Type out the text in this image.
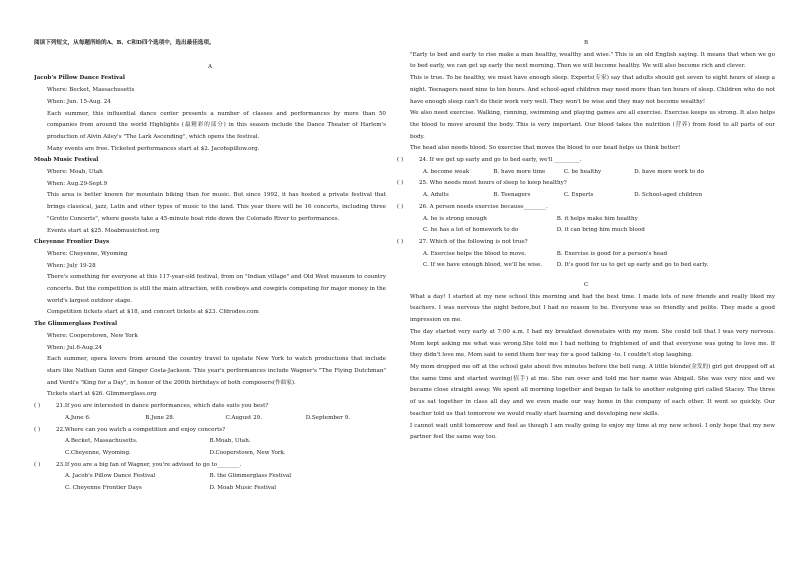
阅读下列短文，从每题所给的A、B、C和D四个选项中，选出最佳选项。

A

Jacob’s Pillow Dance Festival

Where: Becket, Massachusetts

When: Jun. 15-Aug. 24

Each summer, this influential dance center presents a number of classes and performances by more than 50 companies from around the world Highlights (最精彩的部分) in this season include the Dance Theater of Harlem's production of Alvin Ailey's "The Lark Ascending", which opens the festival.

Many events are free. Ticketed performances start at $2. Jacobspillow.org.

Moab Music Festival

Where: Moab, Utah

When: Aug.29-Sept.9

This area is better known for mountain biking than for music. But since 1992, it has hosted a private festival that brings classical, jazz, Latin and other types of music to the land. This year there will be 16 concerts, including three "Grotto Concerts", where guests take a 45-minute boat ride down the Colorado River to performances.

Events start at $25. Moabmusicfest.org

Cheyenne Frontier Days

Where: Cheyenne, Wyoming

When: July 19-28

There's something for everyone at this 117-year-old festival, from on "Indian village" and Old West museum to country concerts. But the competition is still the main attraction, with cowboys and cowgirls competing for major money in the world's largest outdoor stage.

Competition tickets start at $18, and concert tickets at $23. Cfdrodeo.com

The Glimmerglass Festival

Where: Cooperstown, New York

When: Jul.6-Aug.24

Each summer, opera lovers from around the country travel to upstate New York to watch productions that include stars like Nathan Gunn and Ginger Costa-Jackson. This year's performances include Wagner's "The Flying Dutchman" and Verdi's "King for a Day", in honor of the 200th birthdays of both composers(作曲家).

Tickets start at $26. Glimmerglass.org

( )	21.If you are interested in dance performances, which date suits you best?
A.June 6.	B.June 28.	C.August 29.	D.September 9.
( )	22.Where can you watch a competition and enjoy concerts?
A.Becket, Massachusetts.	B.Moab, Utah.
C.Cheyenne, Wyoming.	D.Cooperstown, New York.
( )	23.If you are a big fan of Wagner, you're advised to go to________.
A. Jacob's Pillow Dance Festival	B. the Glimmerglass Festival
C. Cheyenne Frontier Days	D. Moab Music Festival

B

"Early to bed and early to rise make a man healthy, wealthy and wise." This is an old English saying. It means that when we go to bed early, we can get up early the next morning. Then we will become healthy. We will also become rich and clever.

This is true. To be healthy, we must have enough sleep. Experts(专家) say that adults should get seven to eight hours of sleep a night. Teenagers need nine to ten hours. And school-aged children may need more than ten hours of sleep. Children who do not have enough sleep can't do their work very well. They won't be wise and they may not become wealthy!

We also need exercise. Walking, running, swimming and playing games are all exercise. Exercise keeps us strong. It also helps the blood to move around the body. This is very important. Our blood takes the nutrition (营养) from food to all parts of our body.

The head also needs blood. So exercise that moves the blood to our head helps us think better!

( )	24. If we get up early and go to bed early, we'll _________.
A. become weak	B. have more time	C. be healthy	D. have more work to do
( )	25. Who needs most hours of sleep to keep healthy?
A. Adults	B. Teenagers	C. Experts	D. School-aged children
( )	26. A person needs exercise because________.
A. he is strong enough	B. it helps make him healthy
C. he has a lot of homework to do	D. it can bring him much blood
( )	27. Which of the following is not true?
A. Exercise helps the blood to move.	B. Exercise is good for a person's head
C. If we have enough blood, we'll be wise.	D. It's good for us to get up early and go to bed early.

C

What a day! I started at my new school this morning and had the best time. I made lots of new friends and really liked my teachers. I was nervous the night before,but I had no reason to be. Everyone was so friendly and polite. They made a good impression on me.

The day started very early at 7:00 a.m. I had my breakfast downstairs with my mom. She could tell that I was very nervous. Mom kept asking me what was wrong.She told me I had nothing to frightened of and that everyone was going to love me. If they didn't love me, Mom said to send them her way for a good talking -to. I couldn't stop laughing.

My mom dropped me off at the school gate about five minutes before the bell rang. A little blonde(金发的) girl got dropped off at the same time and started waving(招手) at me. She ran over and told me her name was Abigail. She was very nice and we became close straight away. We spent all morning together and began to talk to another outgoing girl called Stacey. The three of us sat together in class all day and we even made our way home in the company of each other. It went so quickly. Our teacher told us that tomorrow we would really start learning and developing new skills.

I cannot wait until tomorrow and feel as though I am really going to enjoy my time at my new school. I only hope that my new partner feel the same way too.
